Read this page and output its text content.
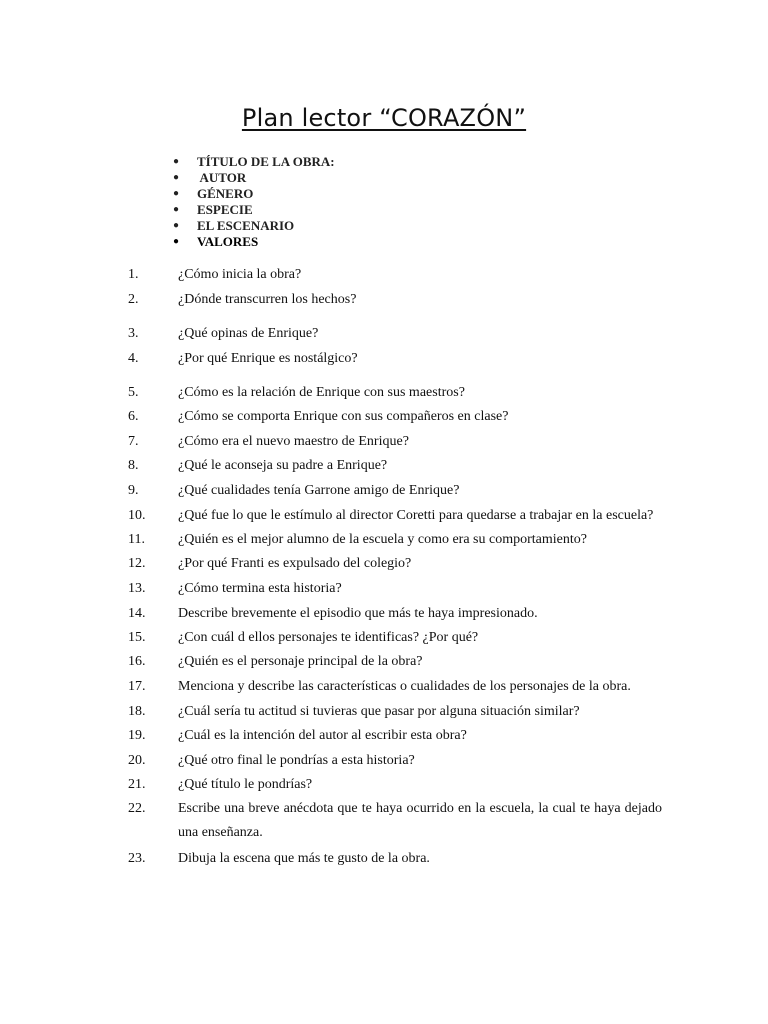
Plan lector “CORAZÓN”
● TÍTULO DE LA OBRA:
● AUTOR
● GÉNERO
● ESPECIE
● EL ESCENARIO
● VALORES
1.	¿Cómo inicia la obra?
2.	¿Dónde transcurren los hechos?
3.	¿Qué opinas de Enrique?
4.	¿Por qué Enrique es nostálgico?
5.	¿Cómo es la relación de Enrique con sus maestros?
6.	¿Cómo se comporta Enrique con sus compañeros en clase?
7.	¿Cómo era el nuevo maestro de Enrique?
8.	¿Qué le aconseja su padre a Enrique?
9.	¿Qué cualidades tenía Garrone amigo de Enrique?
10. ¿Qué fue lo que le estímulo al director Coretti para quedarse a trabajar en la escuela?
11. ¿Quién es el mejor alumno de la escuela y como era su comportamiento?
12. ¿Por qué Franti es expulsado del colegio?
13. ¿Cómo termina esta historia?
14. Describe brevemente el episodio que más te haya impresionado.
15. ¿Con cuál d ellos personajes te identificas? ¿Por qué?
16. ¿Quién es el personaje principal de la obra?
17. Menciona y describe las características o cualidades de los personajes de la obra.
18. ¿Cuál sería tu actitud si tuvieras que pasar por alguna situación similar?
19. ¿Cuál es la intención del autor al escribir esta obra?
20. ¿Qué otro final le pondrías a esta historia?
21. ¿Qué título le pondrías?
22. Escribe una breve anécdota que te haya ocurrido en la escuela, la cual te haya dejado una enseñanza.
23. Dibuja la escena que más te gusto de la obra.
